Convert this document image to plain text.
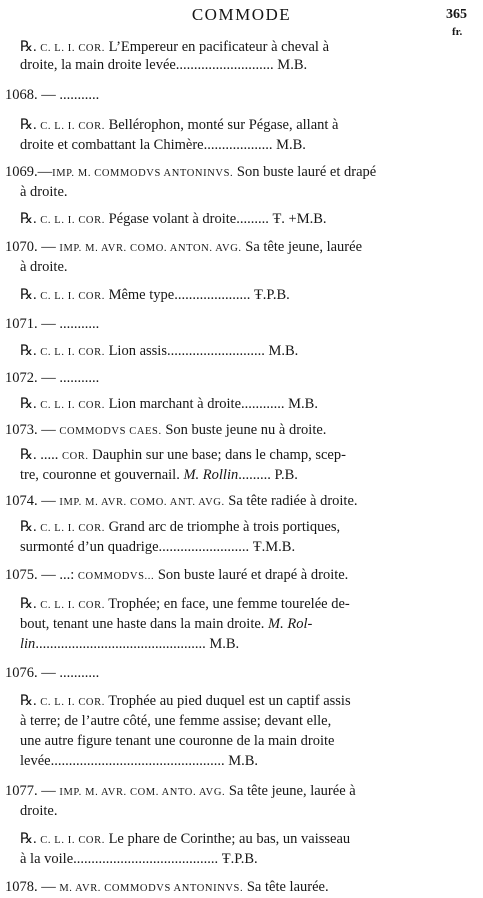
COMMODE	365
fr.
℞. C. L. I. COR. L’Empereur en pacificateur à cheval à
droite, la main droite levée........................... M.B.
1068. — ...........
℞. C. L. I. COR. Bellérophon, monté sur Pégase, allant à
droite et combattant la Chimère................... M.B.
1069.—IMP. M. COMMODVS ANTONINVS. Son buste lauré et drapé
à droite.
℞. C. L. I. COR. Pégase volant à droite......... Ŧ. +M.B.
1070. — IMP. M. AVR. COMO. ANTON. AVG. Sa tête jeune, laurée
à droite.
℞. C. L. I. COR. Même type..................... Ŧ.P.B.
1071. — ...........
℞. C. L. I. COR. Lion assis........................... M.B.
1072. — ...........
℞. C. L. I. COR. Lion marchant à droite............ M.B.
1073. — COMMODVS CAES. Son buste jeune nu à droite.
℞. ..... COR. Dauphin sur une base; dans le champ, scep-
tre, couronne et gouvernail. M. Rollin......... P.B.
1074. — IMP. M. AVR. COMO. ANT. AVG. Sa tête radiée à droite.
℞. C. L. I. COR. Grand arc de triomphe à trois portiques,
surmonté d’un quadrige......................... Ŧ.M.B.
1075. — ...: COMMODVS... Son buste lauré et drapé à droite.
℞. C. L. I. COR. Trophée; en face, une femme tourelée de-
bout, tenant une haste dans la main droite. M. Rol-
lin............................................... M.B.
1076. — ...........
℞. C. L. I. COR. Trophée au pied duquel est un captif assis
à terre; de l’autre côté, une femme assise; devant elle,
une autre figure tenant une couronne de la main droite
levée................................................ M.B.
1077. — IMP. M. AVR. COM. ANTO. AVG. Sa tête jeune, laurée à
droite.
℞. C. L. I. COR. Le phare de Corinthe; au bas, un vaisseau
à la voile........................................ Ŧ.P.B.
1078. — M. AVR. COMMODVS ANTONINVS. Sa tête laurée.
